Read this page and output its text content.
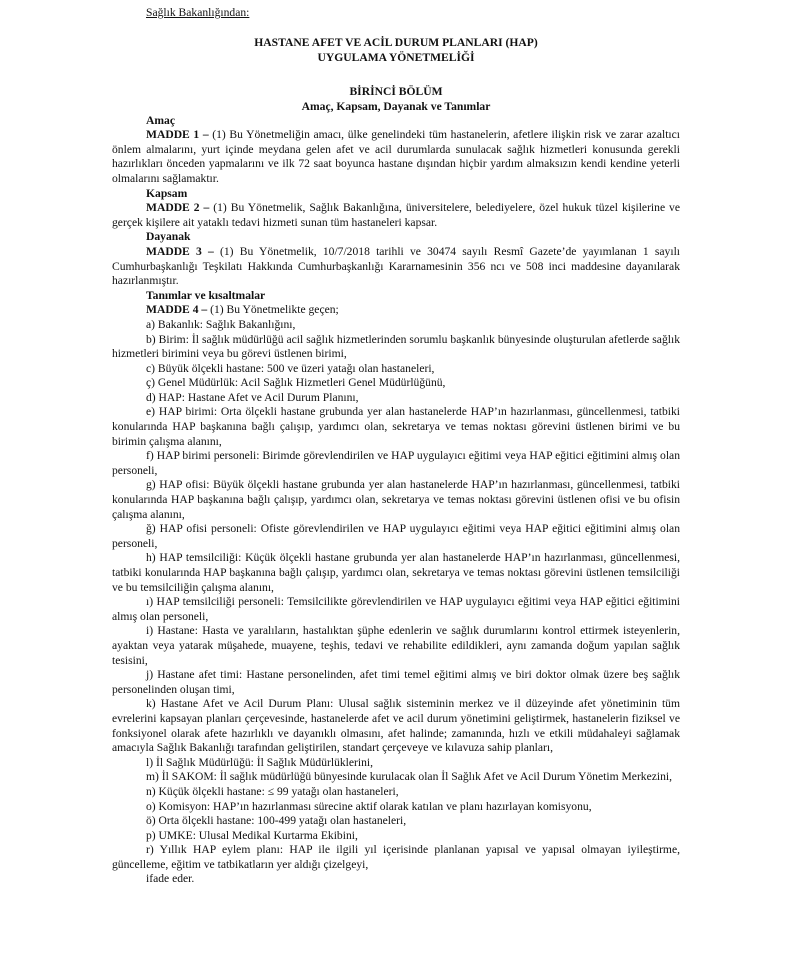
Sağlık Bakanlığından:
HASTANE AFET VE ACİL DURUM PLANLARI (HAP)
UYGULAMA YÖNETMELİĞİ
BİRİNCİ BÖLÜM
Amaç, Kapsam, Dayanak ve Tanımlar
Amaç
MADDE 1 – (1) Bu Yönetmeliğin amacı, ülke genelindeki tüm hastanelerin, afetlere ilişkin risk ve zarar azaltıcı önlem almalarını, yurt içinde meydana gelen afet ve acil durumlarda sunulacak sağlık hizmetleri konusunda gerekli hazırlıkları önceden yapmalarını ve ilk 72 saat boyunca hastane dışından hiçbir yardım almaksızın kendi kendine yeterli olmalarını sağlamaktır.
Kapsam
MADDE 2 – (1) Bu Yönetmelik, Sağlık Bakanlığına, üniversitelere, belediyelere, özel hukuk tüzel kişilerine ve gerçek kişilere ait yataklı tedavi hizmeti sunan tüm hastaneleri kapsar.
Dayanak
MADDE 3 – (1) Bu Yönetmelik, 10/7/2018 tarihli ve 30474 sayılı Resmî Gazete’de yayımlanan 1 sayılı Cumhurbaşkanlığı Teşkilatı Hakkında Cumhurbaşkanlığı Kararnamesinin 356 ncı ve 508 inci maddesine dayanılarak hazırlanmıştır.
Tanımlar ve kısaltmalar
MADDE 4 – (1) Bu Yönetmelikte geçen;
a) Bakanlık: Sağlık Bakanlığını,
b) Birim: İl sağlık müdürlüğü acil sağlık hizmetlerinden sorumlu başkanlık bünyesinde oluşturulan afetlerde sağlık hizmetleri birimini veya bu görevi üstlenen birimi,
c) Büyük ölçekli hastane: 500 ve üzeri yatağı olan hastaneleri,
ç) Genel Müdürlük: Acil Sağlık Hizmetleri Genel Müdürlüğünü,
d) HAP: Hastane Afet ve Acil Durum Planını,
e) HAP birimi: Orta ölçekli hastane grubunda yer alan hastanelerde HAP’ın hazırlanması, güncellenmesi, tatbiki konularında HAP başkanına bağlı çalışıp, yardımcı olan, sekretarya ve temas noktası görevini üstlenen birimi ve bu birimin çalışma alanını,
f) HAP birimi personeli: Birimde görevlendirilen ve HAP uygulayıcı eğitimi veya HAP eğitici eğitimini almış olan personeli,
g) HAP ofisi: Büyük ölçekli hastane grubunda yer alan hastanelerde HAP’ın hazırlanması, güncellenmesi, tatbiki konularında HAP başkanına bağlı çalışıp, yardımcı olan, sekretarya ve temas noktası görevini üstlenen ofisi ve bu ofisin çalışma alanını,
ğ) HAP ofisi personeli: Ofiste görevlendirilen ve HAP uygulayıcı eğitimi veya HAP eğitici eğitimini almış olan personeli,
h) HAP temsilciliği: Küçük ölçekli hastane grubunda yer alan hastanelerde HAP’ın hazırlanması, güncellenmesi, tatbiki konularında HAP başkanına bağlı çalışıp, yardımcı olan, sekretarya ve temas noktası görevini üstlenen temsilciliği ve bu temsilciliğin çalışma alanını,
ı) HAP temsilciliği personeli: Temsilcilikte görevlendirilen ve HAP uygulayıcı eğitimi veya HAP eğitici eğitimini almış olan personeli,
i) Hastane: Hasta ve yaralıların, hastalıktan şüphe edenlerin ve sağlık durumlarını kontrol ettirmek isteyenlerin, ayaktan veya yatarak müşahede, muayene, teşhis, tedavi ve rehabilite edildikleri, aynı zamanda doğum yapılan sağlık tesisini,
j) Hastane afet timi: Hastane personelinden, afet timi temel eğitimi almış ve biri doktor olmak üzere beş sağlık personelinden oluşan timi,
k) Hastane Afet ve Acil Durum Planı: Ulusal sağlık sisteminin merkez ve il düzeyinde afet yönetiminin tüm evrelerini kapsayan planları çerçevesinde, hastanelerde afet ve acil durum yönetimini geliştirmek, hastanelerin fiziksel ve fonksiyonel olarak afete hazırlıklı ve dayanıklı olmasını, afet halinde; zamanında, hızlı ve etkili müdahaleyi sağlamak amacıyla Sağlık Bakanlığı tarafından geliştirilen, standart çerçeveye ve kılavuza sahip planları,
l) İl Sağlık Müdürlüğü: İl Sağlık Müdürlüklerini,
m) İl SAKOM: İl sağlık müdürlüğü bünyesinde kurulacak olan İl Sağlık Afet ve Acil Durum Yönetim Merkezini,
n) Küçük ölçekli hastane: ≤ 99 yatağı olan hastaneleri,
o) Komisyon: HAP’ın hazırlanması sürecine aktif olarak katılan ve planı hazırlayan komisyonu,
ö) Orta ölçekli hastane: 100-499 yatağı olan hastaneleri,
p) UMKE: Ulusal Medikal Kurtarma Ekibini,
r) Yıllık HAP eylem planı: HAP ile ilgili yıl içerisinde planlanan yapısal ve yapısal olmayan iyileştirme, güncelleme, eğitim ve tatbikatların yer aldığı çizelgeyi,
ifade eder.
